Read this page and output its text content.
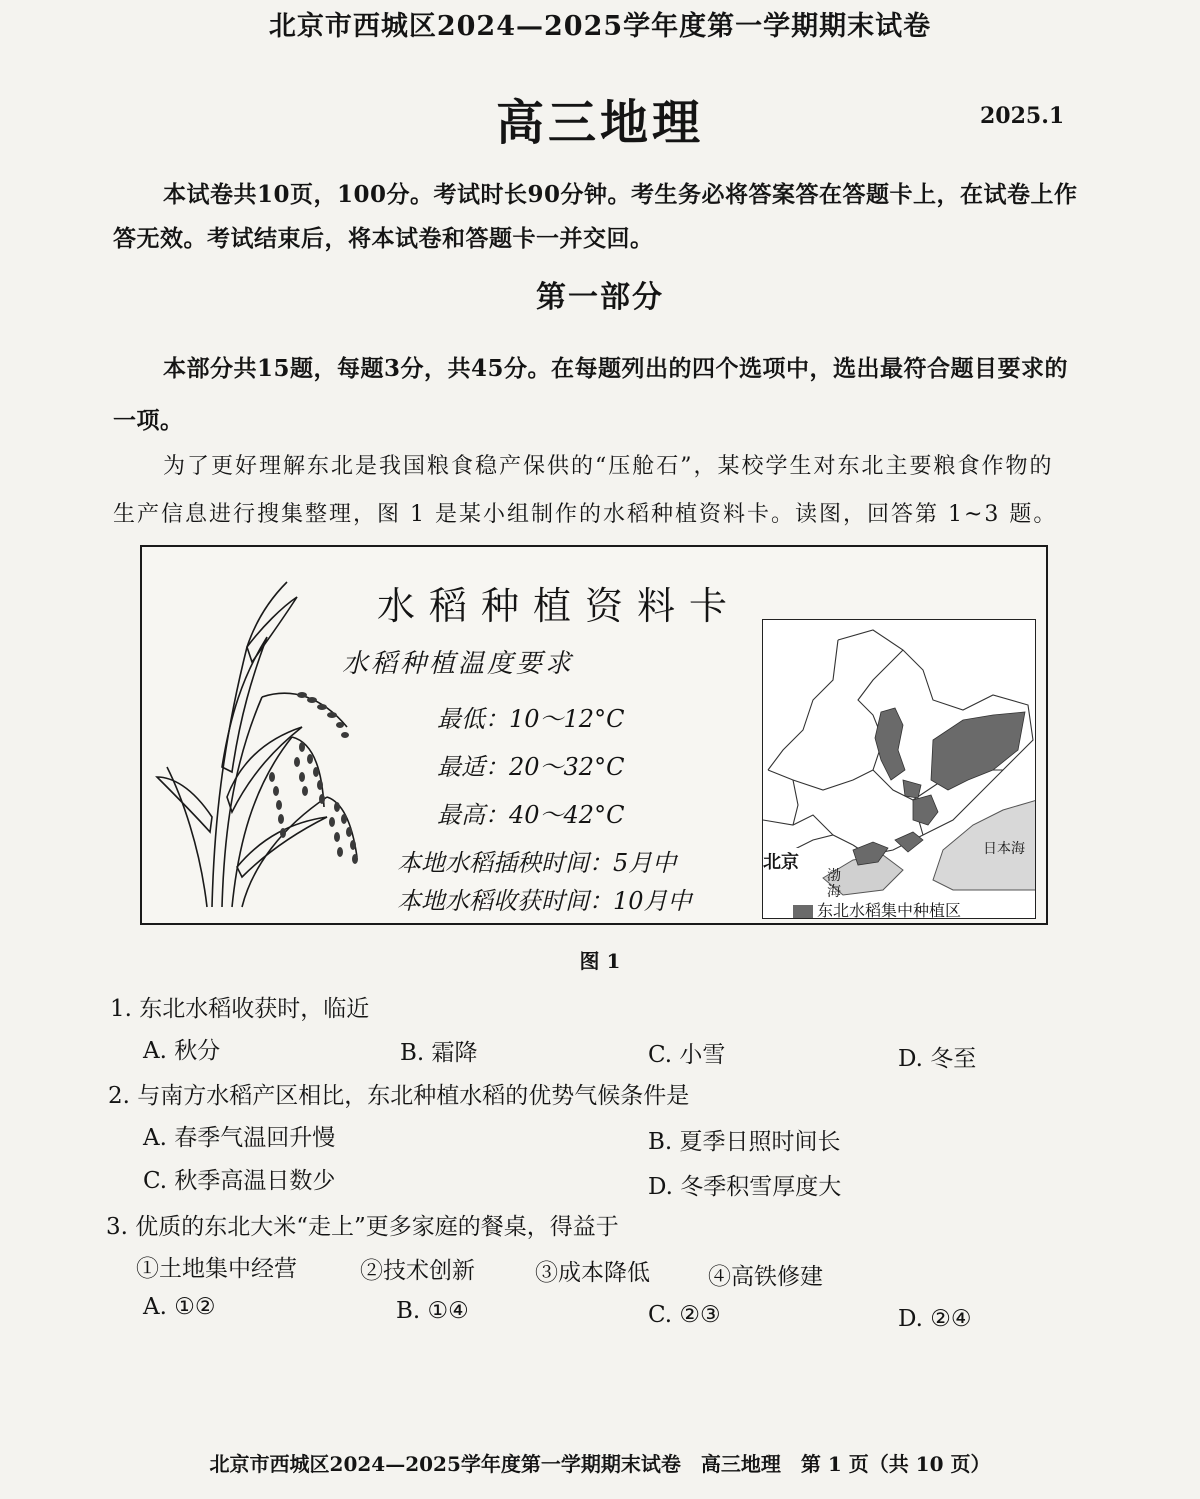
北京市西城区2024—2025学年度第一学期期末试卷
高三地理	2025.1
本试卷共10页，100分。考试时长90分钟。考生务必将答案答在答题卡上，在试卷上作
答无效。考试结束后，将本试卷和答题卡一并交回。
第一部分
本部分共15题，每题3分，共45分。在每题列出的四个选项中，选出最符合题目要求的
一项。
为了更好理解东北是我国粮食稳产保供的“压舱石”，某校学生对东北主要粮食作物的
生产信息进行搜集整理，图 1 是某小组制作的水稻种植资料卡。读图，回答第 1~3 题。
水稻种植资料卡
水稻种植温度要求
最低：10～12°C
最适：20～32°C
最高：40～42°C
本地水稻插秧时间：5月中
本地水稻收获时间：10月中
北京
渤
海
日本海
东北水稻集中种植区
图 1
1. 东北水稻收获时，临近
A. 秋分	B. 霜降	C. 小雪	D. 冬至
2. 与南方水稻产区相比，东北种植水稻的优势气候条件是
A. 春季气温回升慢	B. 夏季日照时间长
C. 秋季高温日数少	D. 冬季积雪厚度大
3. 优质的东北大米“走上”更多家庭的餐桌，得益于
①土地集中经营	②技术创新	③成本降低	④高铁修建
A. ①②	B. ①④	C. ②③	D. ②④
北京市西城区2024—2025学年度第一学期期末试卷　高三地理　第 1 页（共 10 页）
